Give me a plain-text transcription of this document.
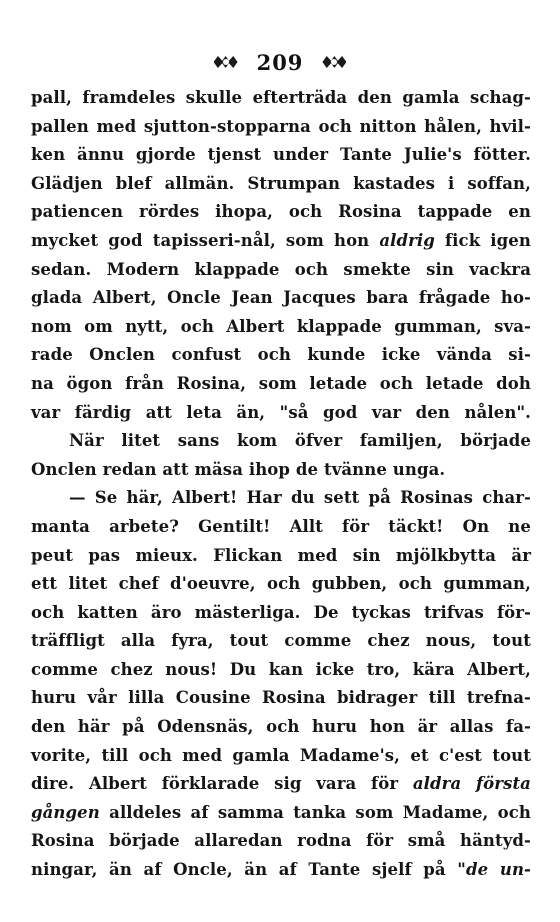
209
pall, framdeles skulle efterträda den gamla schag-
pallen med sjutton-stopparna och nitton hålen, hvil-
ken ännu gjorde tjenst under Tante Julie's fötter.
Glädjen blef allmän. Strumpan kastades i soffan,
patiencen rördes ihopa, och Rosina tappade en
mycket god tapisseri-nål, som hon aldrig fick igen
sedan. Modern klappade och smekte sin vackra
glada Albert, Oncle Jean Jacques bara frågade ho-
nom om nytt, och Albert klappade gumman, sva-
rade Onclen confust och kunde icke vända si-
na ögon från Rosina, som letade och letade doh
var färdig att leta än, "så god var den nålen".
När litet sans kom öfver familjen, började
Onclen redan att mäsa ihop de tvänne unga.
— Se här, Albert! Har du sett på Rosinas char-
manta arbete? Gentilt! Allt för täckt! On ne
peut pas mieux. Flickan med sin mjölkbytta är
ett litet chef d'oeuvre, och gubben, och gumman,
och katten äro mästerliga. De tyckas trifvas för-
träffligt alla fyra, tout comme chez nous, tout
comme chez nous! Du kan icke tro, kära Albert,
huru vår lilla Cousine Rosina bidrager till trefna-
den här på Odensnäs, och huru hon är allas fa-
vorite, till och med gamla Madame's, et c'est tout
dire. Albert förklarade sig vara för aldra första
gången alldeles af samma tanka som Madame, och
Rosina började allaredan rodna för små häntyd-
ningar, än af Oncle, än af Tante sjelf på "de un-
